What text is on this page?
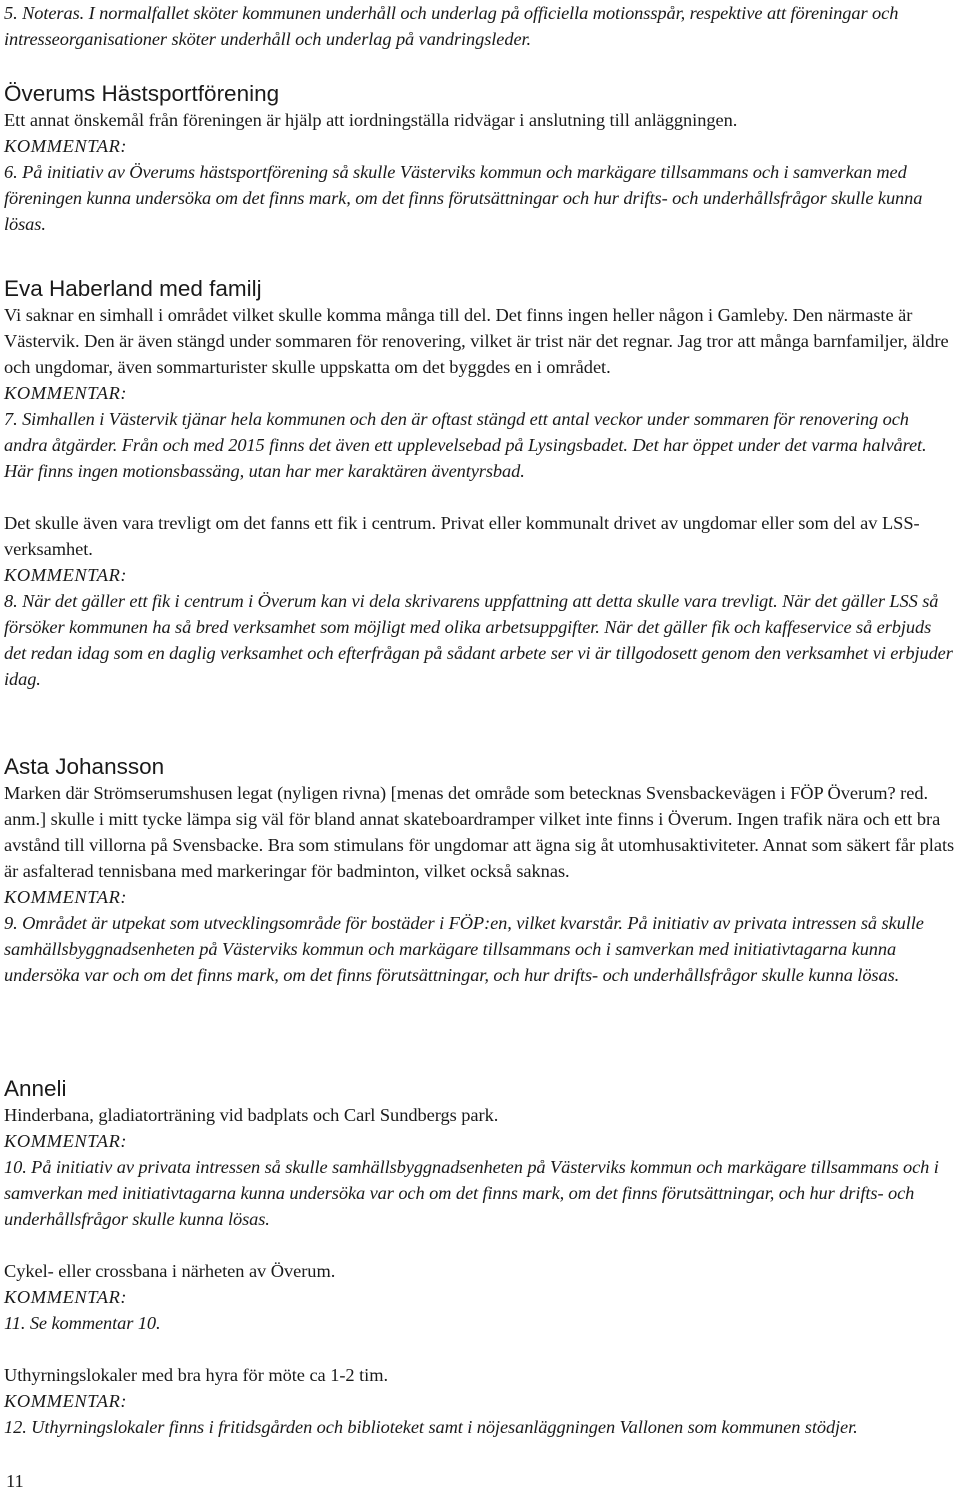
5. Noteras. I normalfallet sköter kommunen underhåll och underlag på officiella motionsspår, respektive att föreningar och intresseorganisationer sköter underhåll och underlag på vandringsleder.

Överums Hästsportförening

Ett annat önskemål från föreningen är hjälp att iordningställa ridvägar i anslutning till anläggningen.

KOMMENTAR:

6. På initiativ av Överums hästsportförening så skulle Västerviks kommun och markägare tillsammans och i samverkan med föreningen kunna undersöka om det finns mark, om det finns förutsättningar och hur drifts- och underhållsfrågor skulle kunna lösas.

Eva Haberland med familj

Vi saknar en simhall i området vilket skulle komma många till del. Det finns ingen heller någon i Gamleby. Den närmaste är Västervik. Den är även stängd under sommaren för renovering, vilket är trist när det regnar. Jag tror att många barnfamiljer, äldre och ungdomar, även sommarturister skulle uppskatta om det byggdes en i området.

KOMMENTAR:

7. Simhallen i Västervik tjänar hela kommunen och den är oftast stängd ett antal veckor under sommaren för renovering och andra åtgärder. Från och med 2015 finns det även ett upplevelsebad på Lysingsbadet. Det har öppet under det varma halvåret. Här finns ingen motionsbassäng, utan har mer karaktären äventyrsbad.

Det skulle även vara trevligt om det fanns ett fik i centrum. Privat eller kommunalt drivet av ungdomar eller som del av LSS-verksamhet.

KOMMENTAR:

8. När det gäller ett fik i centrum i Överum kan vi dela skrivarens uppfattning att detta skulle vara trevligt. När det gäller LSS så försöker kommunen ha så bred verksamhet som möjligt med olika arbetsuppgifter. När det gäller fik och kaffeservice så erbjuds det redan idag som en daglig verksamhet och efterfrågan på sådant arbete ser vi är tillgodosett genom den verksamhet vi erbjuder idag.

Asta Johansson

Marken där Strömserumshusen legat (nyligen rivna) [menas det område som betecknas Svensbackevägen i FÖP Överum? red. anm.] skulle i mitt tycke lämpa sig väl för bland annat skateboardramper vilket inte finns i Överum. Ingen trafik nära och ett bra avstånd till villorna på Svensbacke. Bra som stimulans för ungdomar att ägna sig åt utomhusaktiviteter. Annat som säkert får plats är asfalterad tennisbana med markeringar för badminton, vilket också saknas.

KOMMENTAR:

9. Området är utpekat som utvecklingsområde för bostäder i FÖP:en, vilket kvarstår. På initiativ av privata intressen så skulle samhällsbyggnadsenheten på Västerviks kommun och markägare tillsammans och i samverkan med initiativtagarna kunna undersöka var och om det finns mark, om det finns förutsättningar, och hur drifts- och underhållsfrågor skulle kunna lösas.

Anneli

Hinderbana, gladiatorträning vid badplats och Carl Sundbergs park.

KOMMENTAR:

10. På initiativ av privata intressen så skulle samhällsbyggnadsenheten på Västerviks kommun och markägare tillsammans och i samverkan med initiativtagarna kunna undersöka var och om det finns mark, om det finns förutsättningar, och hur drifts- och underhållsfrågor skulle kunna lösas.

Cykel- eller crossbana i närheten av Överum.

KOMMENTAR:

11. Se kommentar 10.

Uthyrningslokaler med bra hyra för möte ca 1-2 tim.

KOMMENTAR:

12. Uthyrningslokaler finns i fritidsgården och biblioteket samt i nöjesanläggningen Vallonen som kommunen stödjer.

11
